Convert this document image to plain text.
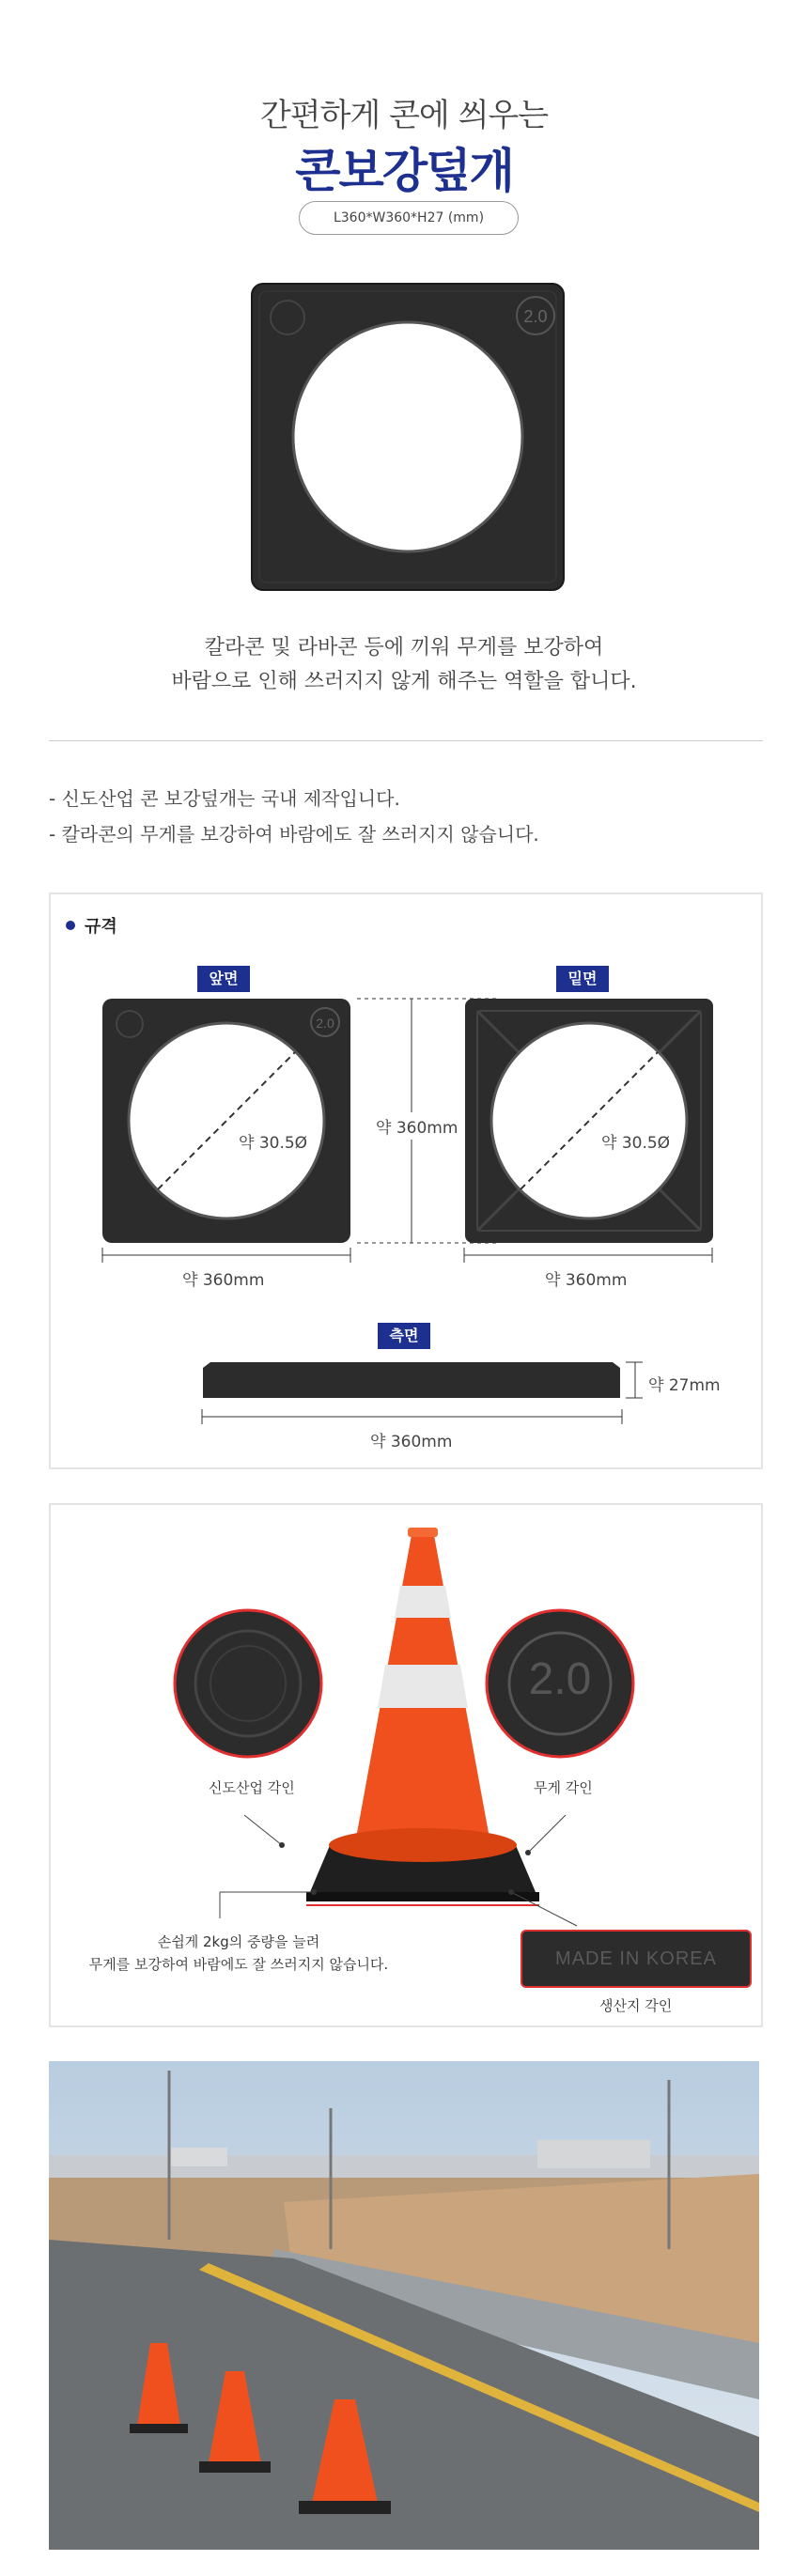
간편하게 콘에 씌우는
콘보강덮개
L360*W360*H27 (mm)
2.0
칼라콘 및 라바콘 등에 끼워 무게를 보강하여
바람으로 인해 쓰러지지 않게 해주는 역할을 합니다.
- 신도산업 콘 보강덮개는 국내 제작입니다.
- 칼라콘의 무게를 보강하여 바람에도 잘 쓰러지지 않습니다.
규격
앞면	밑면
2.0
약 30.5Ø
약 360mm
약 30.5Ø
약 360mm	약 360mm
측면
약 27mm
약 360mm
신도산업 각인
2.0
무게 각인
손쉽게 2kg의 중량을 늘려
무게를 보강하여 바람에도 잘 쓰러지지 않습니다.	MADE IN KOREA
생산지 각인
